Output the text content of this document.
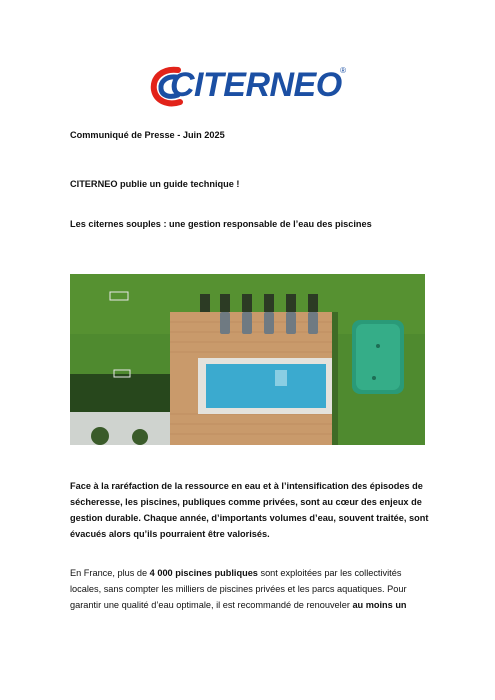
CITERNEO
®
Communiqué de Presse - Juin 2025
CITERNEO publie un guide technique !
Les citernes souples : une gestion responsable de l’eau des piscines
Face à la raréfaction de la ressource en eau et à l’intensification des épisodes de sécheresse, les piscines, publiques comme privées, sont au cœur des enjeux de gestion durable. Chaque année, d’importants volumes d’eau, souvent traitée, sont évacués alors qu’ils pourraient être valorisés.
En France, plus de 4 000 piscines publiques sont exploitées par les collectivités locales, sans compter les milliers de piscines privées et les parcs aquatiques. Pour garantir une qualité d’eau optimale, il est recommandé de renouveler au moins un
